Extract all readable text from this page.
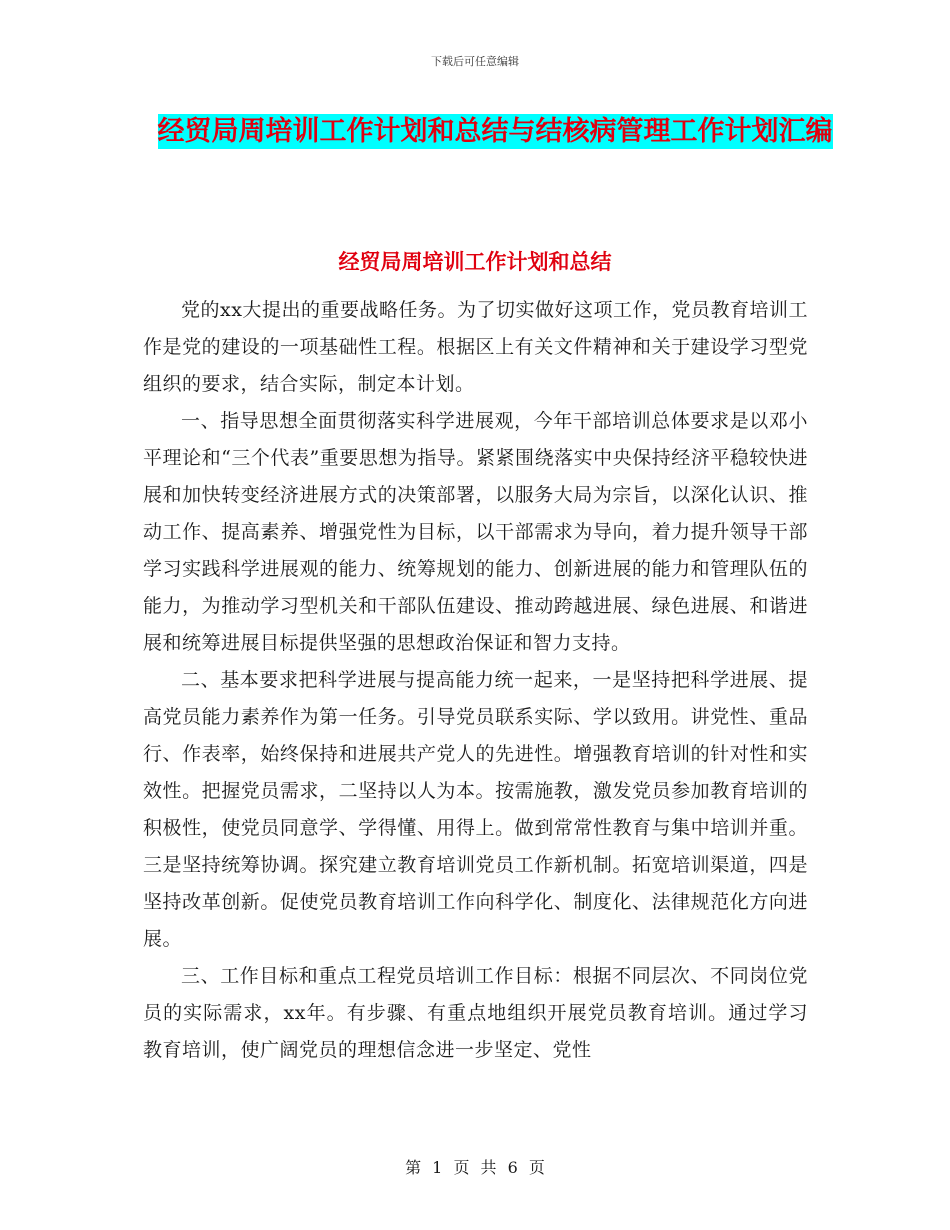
下载后可任意编辑
经贸局周培训工作计划和总结与结核病管理工作计划汇编
经贸局周培训工作计划和总结

党的xx大提出的重要战略任务。为了切实做好这项工作，党员教育培训工作是党的建设的一项基础性工程。根据区上有关文件精神和关于建设学习型党组织的要求，结合实际，制定本计划。

一、指导思想全面贯彻落实科学进展观，今年干部培训总体要求是以邓小平理论和“三个代表”重要思想为指导。紧紧围绕落实中央保持经济平稳较快进展和加快转变经济进展方式的决策部署，以服务大局为宗旨，以深化认识、推动工作、提高素养、增强党性为目标，以干部需求为导向，着力提升领导干部学习实践科学进展观的能力、统筹规划的能力、创新进展的能力和管理队伍的能力，为推动学习型机关和干部队伍建设、推动跨越进展、绿色进展、和谐进展和统筹进展目标提供坚强的思想政治保证和智力支持。

二、基本要求把科学进展与提高能力统一起来，一是坚持把科学进展、提高党员能力素养作为第一任务。引导党员联系实际、学以致用。讲党性、重品行、作表率，始终保持和进展共产党人的先进性。增强教育培训的针对性和实效性。把握党员需求，二坚持以人为本。按需施教，激发党员参加教育培训的积极性，使党员同意学、学得懂、用得上。做到常常性教育与集中培训并重。三是坚持统筹协调。探究建立教育培训党员工作新机制。拓宽培训渠道，四是坚持改革创新。促使党员教育培训工作向科学化、制度化、法律规范化方向进展。

三、工作目标和重点工程党员培训工作目标：根据不同层次、不同岗位党员的实际需求，xx年。有步骤、有重点地组织开展党员教育培训。通过学习教育培训，使广阔党员的理想信念进一步坚定、党性

第 1 页 共 6 页
